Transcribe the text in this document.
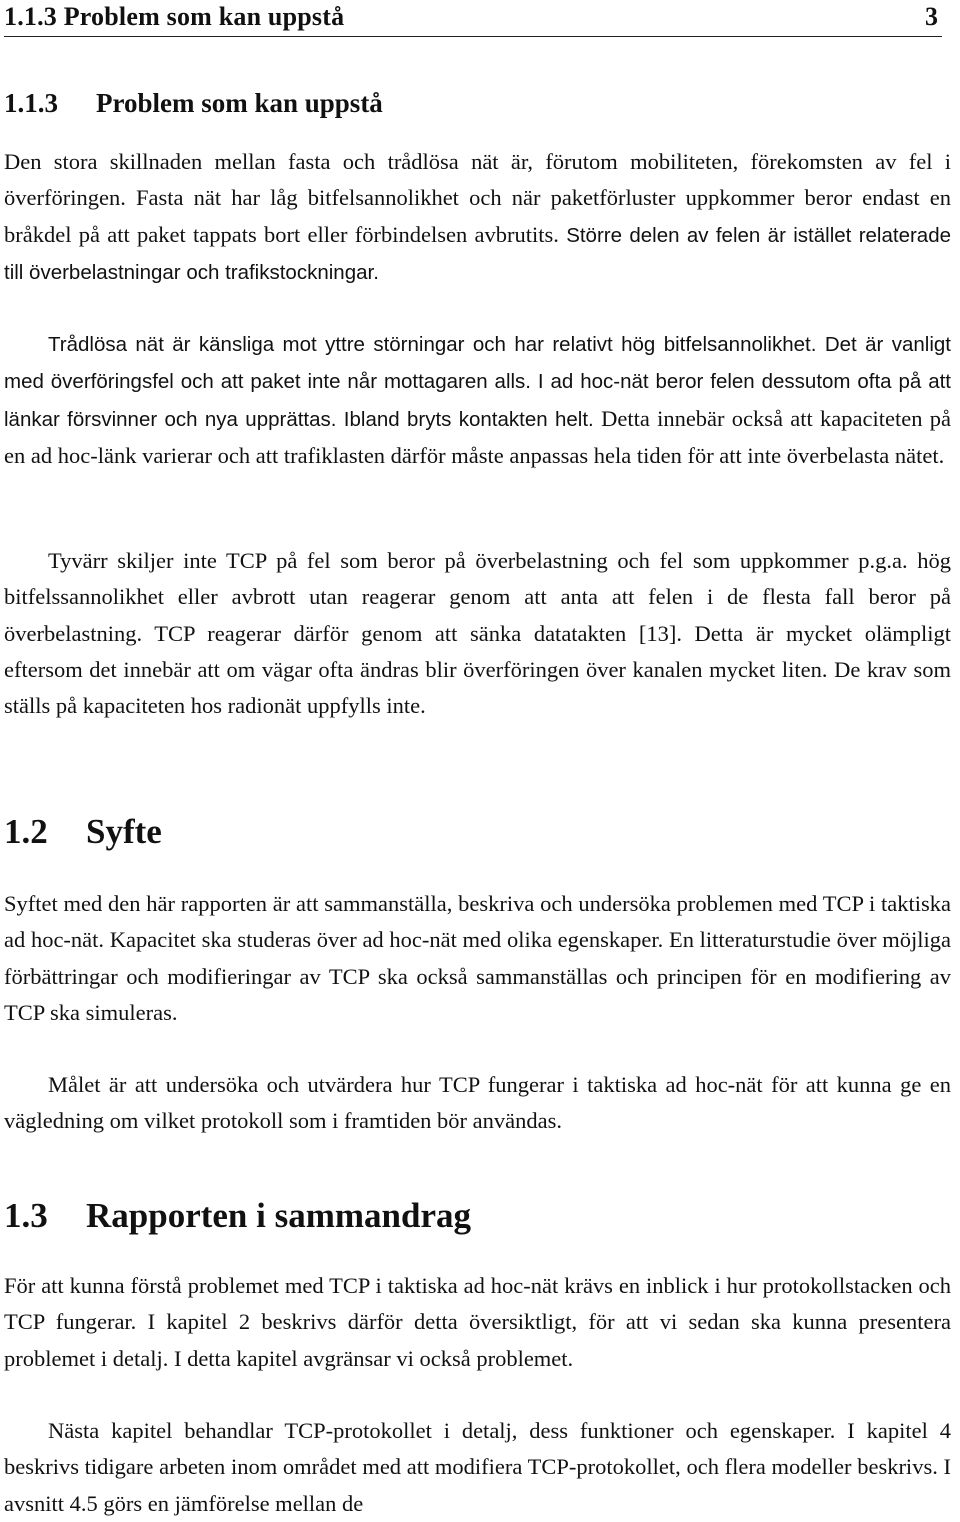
1.1.3 Problem som kan uppstå	3
1.1.3 Problem som kan uppstå

Den stora skillnaden mellan fasta och trådlösa nät är, förutom mobiliteten, förekomsten av fel i överföringen. Fasta nät har låg bitfelsannolikhet och när paketförluster uppkommer beror endast en bråkdel på att paket tappats bort eller förbindelsen avbrutits. Större delen av felen är istället relaterade till överbelastningar och trafikstockningar.

Trådlösa nät är känsliga mot yttre störningar och har relativt hög bitfelsannolikhet. Det är vanligt med överföringsfel och att paket inte når mottagaren alls. I ad hoc-nät beror felen dessutom ofta på att länkar försvinner och nya upprättas. Ibland bryts kontakten helt. Detta innebär också att kapaciteten på en ad hoc-länk varierar och att trafiklasten därför måste anpassas hela tiden för att inte överbelasta nätet.

Tyvärr skiljer inte TCP på fel som beror på överbelastning och fel som uppkommer p.g.a. hög bitfelssannolikhet eller avbrott utan reagerar genom att anta att felen i de flesta fall beror på överbelastning. TCP reagerar därför genom att sänka datatakten [13]. Detta är mycket olämpligt eftersom det innebär att om vägar ofta ändras blir överföringen över kanalen mycket liten. De krav som ställs på kapaciteten hos radionät uppfylls inte.

1.2 Syfte

Syftet med den här rapporten är att sammanställa, beskriva och undersöka problemen med TCP i taktiska ad hoc-nät. Kapacitet ska studeras över ad hoc-nät med olika egenskaper. En litteraturstudie över möjliga förbättringar och modifieringar av TCP ska också sammanställas och principen för en modifiering av TCP ska simuleras.

Målet är att undersöka och utvärdera hur TCP fungerar i taktiska ad hoc-nät för att kunna ge en vägledning om vilket protokoll som i framtiden bör användas.

1.3 Rapporten i sammandrag

För att kunna förstå problemet med TCP i taktiska ad hoc-nät krävs en inblick i hur protokollstacken och TCP fungerar. I kapitel 2 beskrivs därför detta översiktligt, för att vi sedan ska kunna presentera problemet i detalj. I detta kapitel avgränsar vi också problemet.

Nästa kapitel behandlar TCP-protokollet i detalj, dess funktioner och egenskaper. I kapitel 4 beskrivs tidigare arbeten inom området med att modifiera TCP-protokollet, och flera modeller beskrivs. I avsnitt 4.5 görs en jämförelse mellan de
